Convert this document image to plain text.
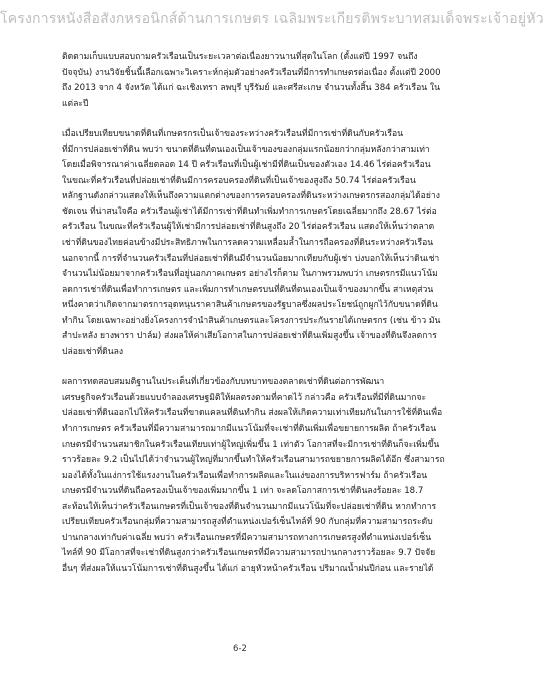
โครงการหนังสือสังกหรอนิกส์ด้านการเกษตร เฉลิมพระเกียรติพระบาทสมเด็จพระเจ้าอยู่หัว
ติดตามเก็บแบบสอบถามครัวเรือนเป็นระยะเวลาต่อเนื่องยาวนานที่สุดในโลก (ตั้งแต่ปี 1997 จนถึง
ปัจจุบัน) งานวิจัยชิ้นนี้เลือกเฉพาะวิเคราะห์กลุ่มตัวอย่างครัวเรือนที่มีการทำเกษตรต่อเนื่อง ตั้งแต่ปี 2000
ถึง 2013 จาก 4 จังหวัด ได้แก่ ฉะเชิงเทรา ลพบุรี บุรีรัมย์ และศรีสะเกษ จำนวนทั้งสิ้น 384 ครัวเรือน ใน
แต่ละปี
เมื่อเปรียบเทียบขนาดที่ดินที่เกษตรกรเป็นเจ้าของระหว่างครัวเรือนที่มีการเช่าที่ดินกับครัวเรือน
ที่มีการปล่อยเช่าที่ดิน พบว่า ขนาดที่ดินที่ตนเองเป็นเจ้าของของกลุ่มแรกน้อยกว่ากลุ่มหลังกว่าสามเท่า
โดยเมื่อพิจารณาค่าเฉลี่ยตลอด 14 ปี ครัวเรือนที่เป็นผู้เช่ามีที่ดินเป็นของตัวเอง 14.46 ไร่ต่อครัวเรือน
ในขณะที่ครัวเรือนที่ปล่อยเช่าที่ดินมีการครอบครองที่ดินที่เป็นเจ้าของสูงถึง 50.74 ไร่ต่อครัวเรือน
หลักฐานดังกล่าวแสดงให้เห็นถึงความแตกต่างของการครอบครองที่ดินระหว่างเกษตรกรสองกลุ่มได้อย่าง
ชัดเจน ที่น่าสนใจคือ ครัวเรือนผู้เช่าได้มีการเช่าที่ดินทำเพิ่มทำการเกษตรโดยเฉลี่ยมากถึง 28.67 ไร่ต่อ
ครัวเรือน ในขณะที่ครัวเรือนผู้ให้เช่ามีการปล่อยเช่าที่ดินสูงถึง 20 ไร่ต่อครัวเรือน แสดงให้เห็นว่าตลาด
เช่าที่ดินของไทยค่อนข้างมีประสิทธิภาพในการลดความเหลื่อมล้ำในการถือครองที่ดินระหว่างครัวเรือน
นอกจากนี้ การที่จำนวนครัวเรือนที่ปล่อยเช่าที่ดินมีจำนวนน้อยมากเทียบกับผู้เช่า บ่งบอกให้เห็นว่าดินเช่า
จำนวนไม่น้อยมาจากครัวเรือนที่อยู่นอกภาคเกษตร อย่างไรก็ตาม ในภาพรวมพบว่า เกษตรกรมีแนวโน้ม
ลดการเช่าที่ดินเพื่อทำการเกษตร และเพิ่มการทำเกษตรบนที่ดินที่ตนเองเป็นเจ้าของมากขึ้น สาเหตุส่วน
หนึ่งคาดว่าเกิดจากมาตรการอุดหนุนราคาสินค้าเกษตรของรัฐบาลซึ่งผลประโยชน์ถูกผูกไว้กับขนาดที่ดิน
ทำกิน โดยเฉพาะอย่างยิ่งโครงการจำนำสินค้าเกษตรและโครงการประกันรายได้เกษตรกร (เช่น ข้าว มัน
สำปะหลัง ยางพารา ปาล์ม) ส่งผลให้ค่าเสียโอกาสในการปล่อยเช่าที่ดินเพิ่มสูงขึ้น เจ้าของที่ดินจึงลดการ
ปล่อยเช่าที่ดินลง
ผลการทดสอบสมมติฐานในประเด็นที่เกี่ยวข้องกับบทบาทของตลาดเช่าที่ดินต่อการพัฒนา
เศรษฐกิจครัวเรือนด้วยแบบจำลองเศรษฐมิติให้ผลตรงตามที่คาดไว้ กล่าวคือ ครัวเรือนที่มีที่ดินมากจะ
ปล่อยเช่าที่ดินออกไปให้ครัวเรือนที่ขาดแคลนที่ดินทำกิน ส่งผลให้เกิดความเท่าเทียมกันในการใช้ที่ดินเพื่อ
ทำการเกษตร ครัวเรือนที่มีความสามารถมากมีแนวโน้มที่จะเช่าที่ดินเพิ่มเพื่อขยายการผลิต ถ้าครัวเรือน
เกษตรมีจำนวนสมาชิกในครัวเรือนเทียบเท่าผู้ใหญ่เพิ่มขึ้น 1 เท่าตัว โอกาสที่จะมีการเช่าที่ดินก็จะเพิ่มขึ้น
ราวร้อยละ 9.2 เป็นไปได้ว่าจำนวนผู้ใหญ่ที่มากขึ้นทำให้ครัวเรือนสามารถขยายการผลิตได้อีก ซึ่งสามารถ
มองได้ทั้งในแง่การใช้แรงงานในครัวเรือนเพื่อทำการผลิตและในแง่ของการบริหารฟาร์ม ถ้าครัวเรือน
เกษตรมีจำนวนที่ดินถือครองเป็นเจ้าของเพิ่มมากขึ้น 1 เท่า จะลดโอกาสการเช่าที่ดินลงร้อยละ 18.7
สะท้อนให้เห็นว่าครัวเรือนเกษตรที่เป็นเจ้าของที่ดินจำนวนมากมีแนวโน้มที่จะปล่อยเช่าที่ดิน หากทำการ
เปรียบเทียบครัวเรือนกลุ่มที่ความสามารถสูงที่ตำแหน่งเปอร์เซ็นไทล์ที่ 90 กับกลุ่มที่ความสามารถระดับ
ปานกลางเท่ากับค่าเฉลี่ย พบว่า ครัวเรือนเกษตรที่มีความสามารถทางการเกษตรสูงที่ตำแหน่งเปอร์เซ็น
ไทล์ที่ 90 มีโอกาสที่จะเช่าที่ดินสูงกว่าครัวเรือนเกษตรที่มีความสามารถปานกลางราวร้อยละ 9.7 ปัจจัย
อื่นๆ ที่ส่งผลให้แนวโน้มการเช่าที่ดินสูงขึ้น ได้แก่ อายุหัวหน้าครัวเรือน ปริมาณน้ำฝนปีก่อน และรายได้
6-2
